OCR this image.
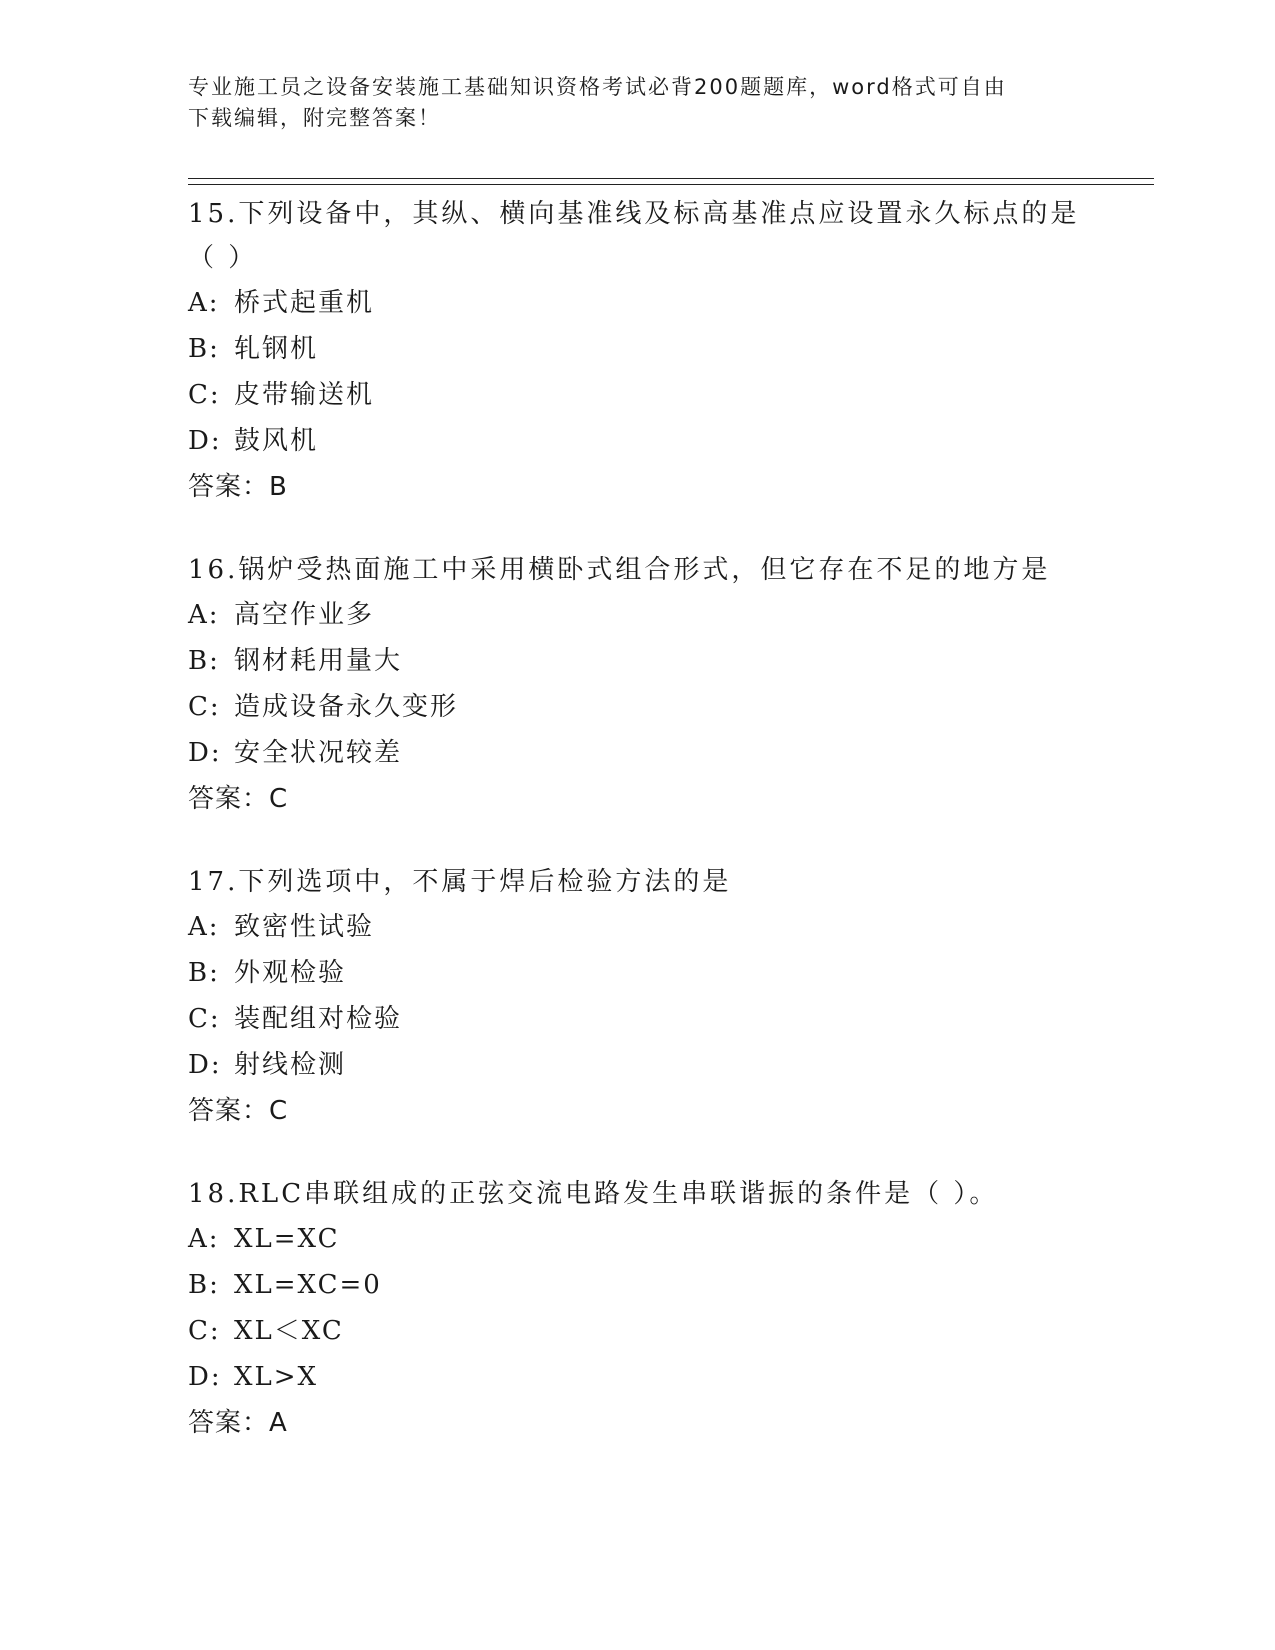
专业施工员之设备安装施工基础知识资格考试必背200题题库，word格式可自由
下载编辑，附完整答案！

15.下列设备中，其纵、横向基准线及标高基准点应设置永久标点的是

（ ）

A: 桥式起重机

B: 轧钢机

C: 皮带输送机

D: 鼓风机

答案：B

16.锅炉受热面施工中采用横卧式组合形式，但它存在不足的地方是

A: 高空作业多

B: 钢材耗用量大

C: 造成设备永久变形

D: 安全状况较差

答案：C

17.下列选项中，不属于焊后检验方法的是

A: 致密性试验

B: 外观检验

C: 装配组对检验

D: 射线检测

答案：C

18.RLC串联组成的正弦交流电路发生串联谐振的条件是（ ）。

A: XL=XC

B: XL=XC=0

C: XL＜XC

D: XL>X

答案：A
